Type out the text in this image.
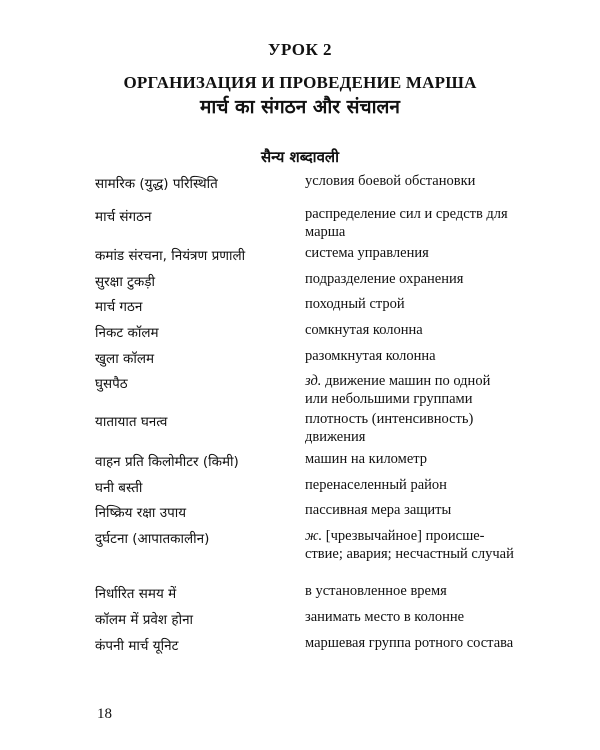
УРОК 2
ОРГАНИЗАЦИЯ И ПРОВЕДЕНИЕ МАРША
मार्च का संगठन और संचालन
सैन्य शब्दावली
सामरिक (युद्ध) परिस्थिति	условия боевой обстановки
मार्च संगठन	распределение сил и средств для марша
कमांड संरचना, नियंत्रण प्रणाली	система управления
सुरक्षा टुकड़ी	подразделение охранения
मार्च गठन	походный строй
निकट कॉलम	сомкнутая колонна
खुला कॉलम	разомкнутая колонна
घुसपैठ	зд. движение машин по одной или небольшими группами
यातायात घनत्व	плотность (интенсивность) движения
वाहन प्रति किलोमीटर (किमी)	машин на километр
घनी बस्ती	перенаселенный район
निष्क्रिय रक्षा उपाय	пассивная мера защиты
दुर्घटना (आपातकालीन)	ж. [чрезвычайное] происше-ствие; авария; несчастный случай
निर्धारित समय में	в установленное время
कॉलम में प्रवेश होना	занимать место в колонне
कंपनी मार्च यूनिट	маршевая группа ротного состава
18
